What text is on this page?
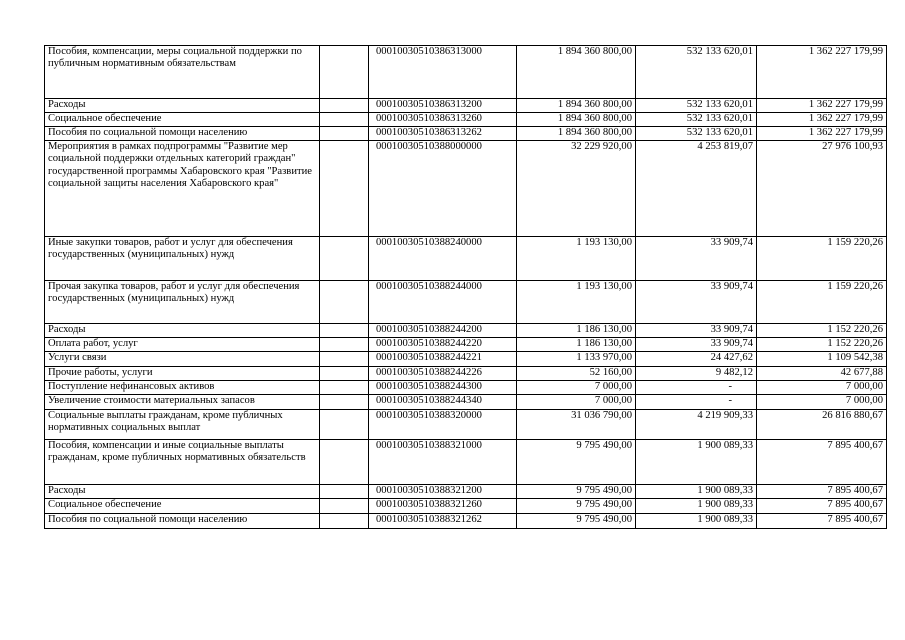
Пособия, компенсации, меры социальной поддержки по публичным нормативным обязательствам		00010030510386313000	1 894 360 800,00	532 133 620,01	1 362 227 179,99
Расходы		00010030510386313200	1 894 360 800,00	532 133 620,01	1 362 227 179,99
Социальное обеспечение		00010030510386313260	1 894 360 800,00	532 133 620,01	1 362 227 179,99
Пособия по социальной помощи населению		00010030510386313262	1 894 360 800,00	532 133 620,01	1 362 227 179,99
Мероприятия в рамках подпрограммы "Развитие мер социальной поддержки отдельных категорий граждан" государственной программы Хабаровского края "Развитие социальной защиты населения Хабаровского края"		00010030510388000000	32 229 920,00	4 253 819,07	27 976 100,93
Иные закупки товаров, работ и услуг для обеспечения государственных (муниципальных) нужд		00010030510388240000	1 193 130,00	33 909,74	1 159 220,26
Прочая закупка товаров, работ и услуг для обеспечения государственных (муниципальных) нужд		00010030510388244000	1 193 130,00	33 909,74	1 159 220,26
Расходы		00010030510388244200	1 186 130,00	33 909,74	1 152 220,26
Оплата работ, услуг		00010030510388244220	1 186 130,00	33 909,74	1 152 220,26
Услуги связи		00010030510388244221	1 133 970,00	24 427,62	1 109 542,38
Прочие работы, услуги		00010030510388244226	52 160,00	9 482,12	42 677,88
Поступление нефинансовых активов		00010030510388244300	7 000,00	-	7 000,00
Увеличение стоимости материальных запасов		00010030510388244340	7 000,00	-	7 000,00
Социальные выплаты гражданам, кроме публичных нормативных социальных выплат		00010030510388320000	31 036 790,00	4 219 909,33	26 816 880,67
Пособия, компенсации и иные социальные выплаты гражданам, кроме публичных нормативных обязательств		00010030510388321000	9 795 490,00	1 900 089,33	7 895 400,67
Расходы		00010030510388321200	9 795 490,00	1 900 089,33	7 895 400,67
Социальное обеспечение		00010030510388321260	9 795 490,00	1 900 089,33	7 895 400,67
Пособия по социальной помощи населению		00010030510388321262	9 795 490,00	1 900 089,33	7 895 400,67
